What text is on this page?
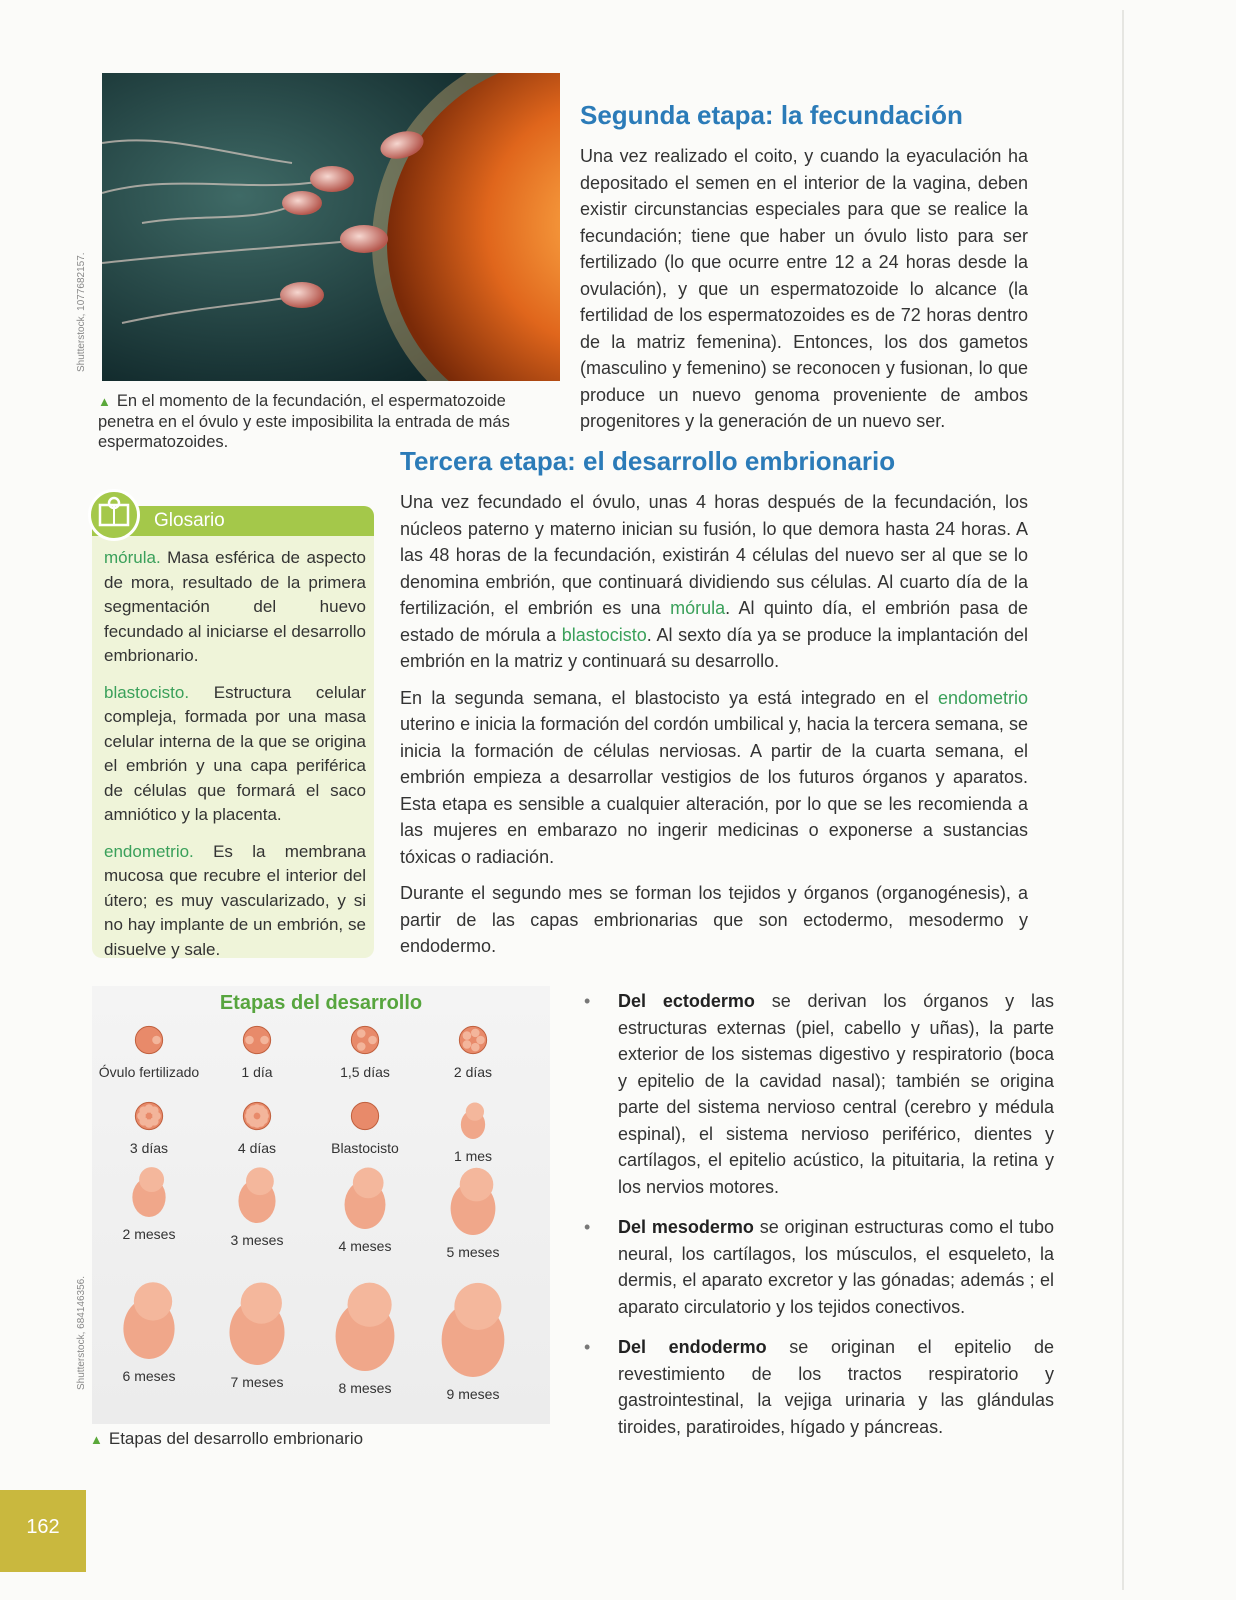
Shutterstock, 1077682157.
▲ En el momento de la fecundación, el espermatozoide penetra en el óvulo y este imposibilita la entrada de más espermatozoides.
Segunda etapa: la fecundación

Una vez realizado el coito, y cuando la eyaculación ha depositado el semen en el interior de la vagina, deben existir circunstancias especiales para que se realice la fecundación; tiene que haber un óvulo listo para ser fertilizado (lo que ocurre entre 12 a 24 horas desde la ovulación), y que un espermatozoide lo alcance (la fertilidad de los espermatozoides es de 72 horas dentro de la matriz femenina). Entonces, los dos gametos (masculino y femenino) se reconocen y fusionan, lo que produce un nuevo genoma proveniente de ambos progenitores y la generación de un nuevo ser.

Tercera etapa: el desarrollo embrionario

Una vez fecundado el óvulo, unas 4 horas después de la fecundación, los núcleos paterno y materno inician su fusión, lo que demora hasta 24 horas. A las 48 horas de la fecundación, existirán 4 células del nuevo ser al que se lo denomina embrión, que continuará dividiendo sus células. Al cuarto día de la fertilización, el embrión es una mórula. Al quinto día, el embrión pasa de estado de mórula a blastocisto. Al sexto día ya se produce la implantación del embrión en la matriz y continuará su desarrollo.

En la segunda semana, el blastocisto ya está integrado en el endometrio uterino e inicia la formación del cordón umbilical y, hacia la tercera semana, se inicia la formación de células nerviosas. A partir de la cuarta semana, el embrión empieza a desarrollar vestigios de los futuros órganos y aparatos. Esta etapa es sensible a cualquier alteración, por lo que se les recomienda a las mujeres en embarazo no ingerir medicinas o exponerse a sustancias tóxicas o radiación.

Durante el segundo mes se forman los tejidos y órganos (organogénesis), a partir de las capas embrionarias que son ectodermo, mesodermo y endodermo.

Glosario

mórula. Masa esférica de aspecto de mora, resultado de la primera segmentación del huevo fecundado al iniciarse el desarrollo embrionario.

blastocisto. Estructura celular compleja, formada por una masa celular interna de la que se origina el embrión y una capa periférica de células que formará el saco amniótico y la placenta.

endometrio. Es la membrana mucosa que recubre el interior del útero; es muy vascularizado, y si no hay implante de un embrión, se disuelve y sale.

Shutterstock, 684146356.
Etapas del desarrollo
Óvulo fertilizado	1 día	1,5 días	2 días
3 días	4 días	Blastocisto	1 mes
2 meses	3 meses	4 meses	5 meses
6 meses	7 meses	8 meses	9 meses
▲ Etapas del desarrollo embrionario
• Del ectodermo se derivan los órganos y las estructuras externas (piel, cabello y uñas), la parte exterior de los sistemas digestivo y respiratorio (boca y epitelio de la cavidad nasal); también se origina parte del sistema nervioso central (cerebro y médula espinal), el sistema nervioso periférico, dientes y cartílagos, el epitelio acústico, la pituitaria, la retina y los nervios motores.
• Del mesodermo se originan estructuras como el tubo neural, los cartílagos, los músculos, el esqueleto, la dermis, el aparato excretor y las gónadas; además ; el aparato circulatorio y los tejidos conectivos.
• Del endodermo se originan el epitelio de revestimiento de los tractos respiratorio y gastrointestinal, la vejiga urinaria y las glándulas tiroides, paratiroides, hígado y páncreas.
162
